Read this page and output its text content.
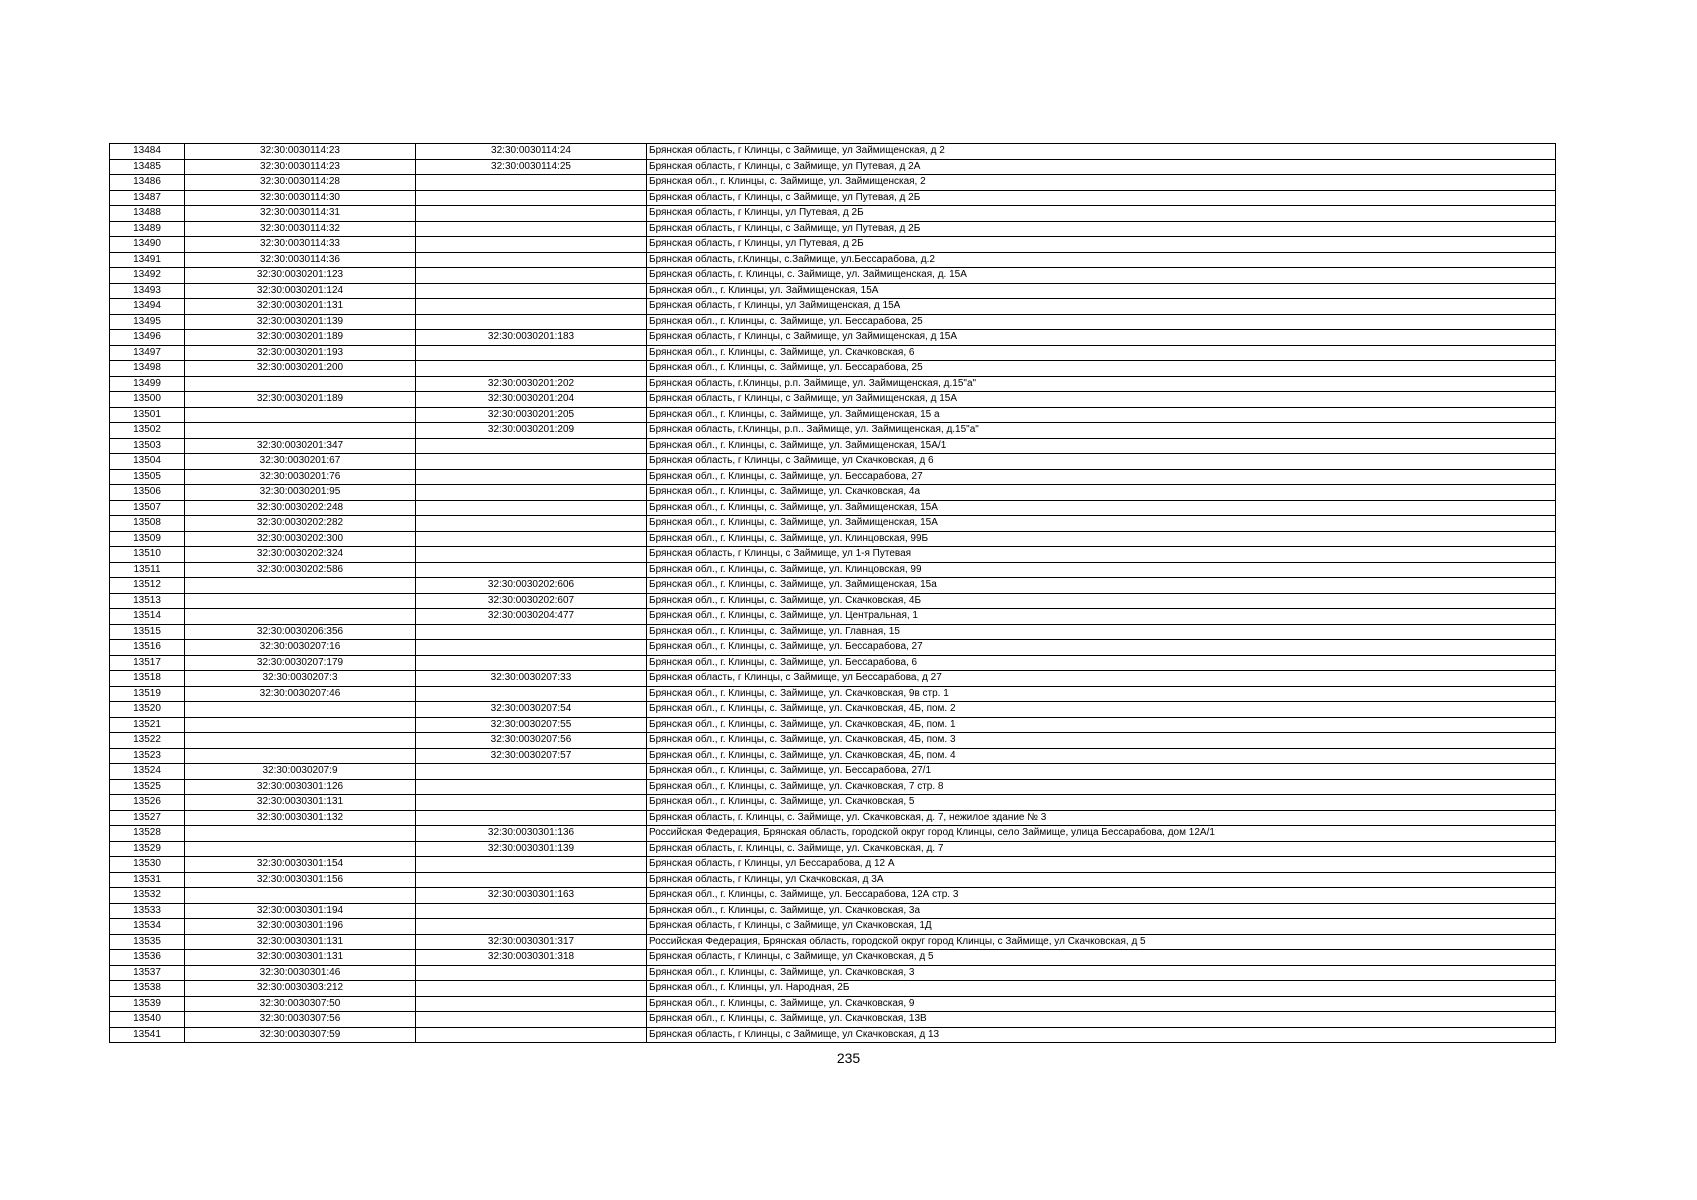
13484	32:30:0030114:23	32:30:0030114:24	Брянская область, г Клинцы, с Займище, ул Займищенская, д 2
13485	32:30:0030114:23	32:30:0030114:25	Брянская область, г Клинцы, с Займище, ул Путевая, д 2А
13486	32:30:0030114:28		Брянская обл., г. Клинцы, с. Займище, ул. Займищенская, 2
13487	32:30:0030114:30		Брянская область, г Клинцы, с Займище, ул Путевая, д 2Б
13488	32:30:0030114:31		Брянская область, г Клинцы, ул Путевая, д 2Б
13489	32:30:0030114:32		Брянская область, г Клинцы, с Займище, ул Путевая, д 2Б
13490	32:30:0030114:33		Брянская область, г Клинцы, ул Путевая, д 2Б
13491	32:30:0030114:36		Брянская область, г.Клинцы, с.Займище, ул.Бессарабова, д.2
13492	32:30:0030201:123		Брянская область, г. Клинцы, с. Займище, ул. Займищенская, д. 15А
13493	32:30:0030201:124		Брянская обл., г. Клинцы, ул. Займищенская, 15А
13494	32:30:0030201:131		Брянская область, г Клинцы, ул Займищенская, д 15А
13495	32:30:0030201:139		Брянская обл., г. Клинцы, с. Займище, ул. Бессарабова, 25
13496	32:30:0030201:189	32:30:0030201:183	Брянская область, г Клинцы, с Займище, ул Займищенская, д 15А
13497	32:30:0030201:193		Брянская обл., г. Клинцы, с. Займище, ул. Скачковская, 6
13498	32:30:0030201:200		Брянская обл., г. Клинцы, с. Займище, ул. Бессарабова, 25
13499		32:30:0030201:202	Брянская область, г.Клинцы, р.п. Займище, ул. Займищенская, д.15"а"
13500	32:30:0030201:189	32:30:0030201:204	Брянская область, г Клинцы, с Займище, ул Займищенская, д 15А
13501		32:30:0030201:205	Брянская обл., г. Клинцы, с. Займище, ул. Займищенская, 15 а
13502		32:30:0030201:209	Брянская область, г.Клинцы, р.п.. Займище, ул. Займищенская, д.15"а"
13503	32:30:0030201:347		Брянская обл., г. Клинцы, с. Займище, ул. Займищенская, 15А/1
13504	32:30:0030201:67		Брянская область, г Клинцы, с Займище, ул Скачковская, д 6
13505	32:30:0030201:76		Брянская обл., г. Клинцы, с. Займище, ул. Бессарабова, 27
13506	32:30:0030201:95		Брянская обл., г. Клинцы, с. Займище, ул. Скачковская, 4а
13507	32:30:0030202:248		Брянская обл., г. Клинцы, с. Займище, ул. Займищенская, 15А
13508	32:30:0030202:282		Брянская обл., г. Клинцы, с. Займище, ул. Займищенская, 15А
13509	32:30:0030202:300		Брянская обл., г. Клинцы, с. Займище, ул. Клинцовская, 99Б
13510	32:30:0030202:324		Брянская область, г Клинцы, с Займище, ул 1-я Путевая
13511	32:30:0030202:586		Брянская обл., г. Клинцы, с. Займище, ул. Клинцовская, 99
13512		32:30:0030202:606	Брянская обл., г. Клинцы, с. Займище, ул. Займищенская, 15а
13513		32:30:0030202:607	Брянская обл., г. Клинцы, с. Займище, ул. Скачковская, 4Б
13514		32:30:0030204:477	Брянская обл., г. Клинцы, с. Займище, ул. Центральная, 1
13515	32:30:0030206:356		Брянская обл., г. Клинцы, с. Займище, ул. Главная, 15
13516	32:30:0030207:16		Брянская обл., г. Клинцы, с. Займище, ул. Бессарабова, 27
13517	32:30:0030207:179		Брянская обл., г. Клинцы, с. Займище, ул. Бессарабова, 6
13518	32:30:0030207:3	32:30:0030207:33	Брянская область, г Клинцы, с Займище, ул Бессарабова, д 27
13519	32:30:0030207:46		Брянская обл., г. Клинцы, с. Займище, ул. Скачковская, 9в стр. 1
13520		32:30:0030207:54	Брянская обл., г. Клинцы, с. Займище, ул. Скачковская, 4Б, пом. 2
13521		32:30:0030207:55	Брянская обл., г. Клинцы, с. Займище, ул. Скачковская, 4Б, пом. 1
13522		32:30:0030207:56	Брянская обл., г. Клинцы, с. Займище, ул. Скачковская, 4Б, пом. 3
13523		32:30:0030207:57	Брянская обл., г. Клинцы, с. Займище, ул. Скачковская, 4Б, пом. 4
13524	32:30:0030207:9		Брянская обл., г. Клинцы, с. Займище, ул. Бессарабова, 27/1
13525	32:30:0030301:126		Брянская обл., г. Клинцы, с. Займище, ул. Скачковская, 7 стр. 8
13526	32:30:0030301:131		Брянская обл., г. Клинцы, с. Займище, ул. Скачковская, 5
13527	32:30:0030301:132		Брянская область, г. Клинцы, с. Займище, ул. Скачковская, д. 7, нежилое здание № 3
13528		32:30:0030301:136	Российская Федерация, Брянская область, городской округ город Клинцы, село Займище, улица Бессарабова, дом 12А/1
13529		32:30:0030301:139	Брянская область, г. Клинцы, с. Займище, ул. Скачковская, д. 7
13530	32:30:0030301:154		Брянская область, г Клинцы, ул Бессарабова, д 12 А
13531	32:30:0030301:156		Брянская область, г Клинцы, ул Скачковская, д 3А
13532		32:30:0030301:163	Брянская обл., г. Клинцы, с. Займище, ул. Бессарабова, 12А стр. 3
13533	32:30:0030301:194		Брянская обл., г. Клинцы, с. Займище, ул. Скачковская, 3а
13534	32:30:0030301:196		Брянская область, г Клинцы, с Займище, ул Скачковская, 1Д
13535	32:30:0030301:131	32:30:0030301:317	Российская Федерация, Брянская область, городской округ город Клинцы, с Займище, ул Скачковская, д 5
13536	32:30:0030301:131	32:30:0030301:318	Брянская область, г Клинцы, с Займище, ул Скачковская, д 5
13537	32:30:0030301:46		Брянская обл., г. Клинцы, с. Займище, ул. Скачковская, 3
13538	32:30:0030303:212		Брянская обл., г. Клинцы, ул. Народная, 2Б
13539	32:30:0030307:50		Брянская обл., г. Клинцы, с. Займище, ул. Скачковская, 9
13540	32:30:0030307:56		Брянская обл., г. Клинцы, с. Займище, ул. Скачковская, 13В
13541	32:30:0030307:59		Брянская область, г Клинцы, с Займище, ул Скачковская, д 13
235
